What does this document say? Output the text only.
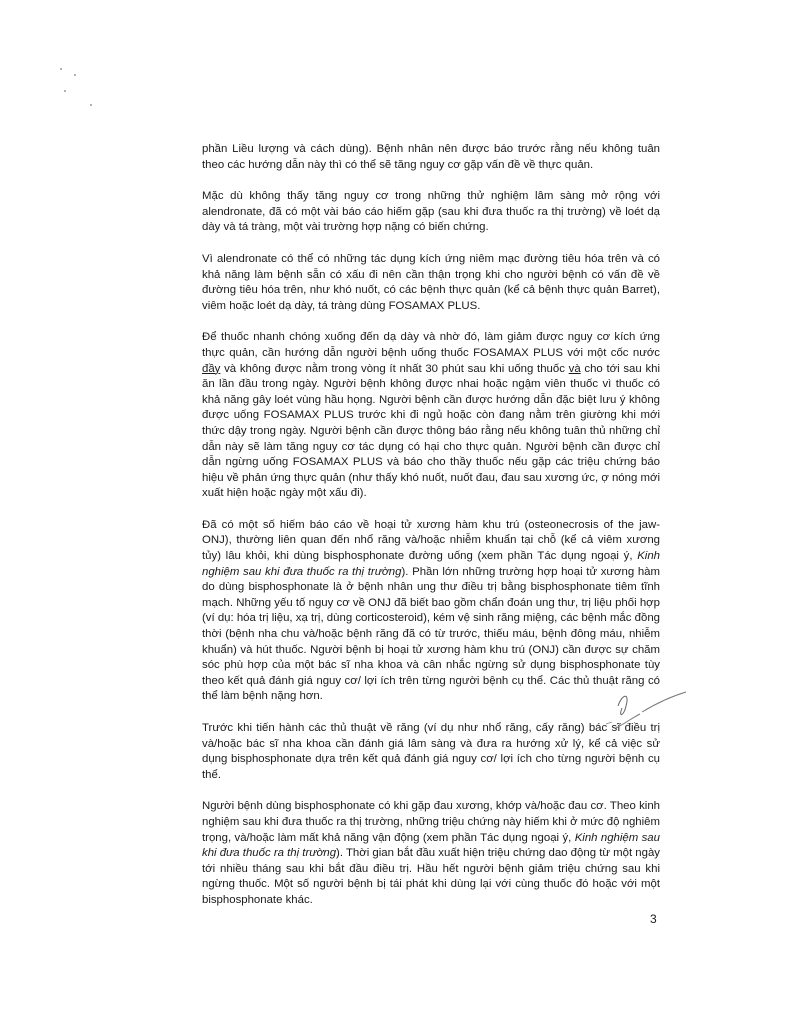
phần Liều lượng và cách dùng). Bệnh nhân nên được báo trước rằng nếu không tuân theo các hướng dẫn này thì có thể sẽ tăng nguy cơ gặp vấn đề về thực quản.

Mặc dù không thấy tăng nguy cơ trong những thử nghiệm lâm sàng mở rộng với alendronate, đã có một vài báo cáo hiếm gặp (sau khi đưa thuốc ra thị trường) về loét dạ dày và tá tràng, một vài trường hợp nặng có biến chứng.

Vì alendronate có thể có những tác dụng kích ứng niêm mạc đường tiêu hóa trên và có khả năng làm bệnh sẵn có xấu đi nên cần thận trọng khi cho người bệnh có vấn đề về đường tiêu hóa trên, như khó nuốt, có các bệnh thực quản (kể cả bệnh thực quản Barret), viêm hoặc loét dạ dày, tá tràng dùng FOSAMAX PLUS.

Để thuốc nhanh chóng xuống đến dạ dày và nhờ đó, làm giảm được nguy cơ kích ứng thực quản, cần hướng dẫn người bệnh uống thuốc FOSAMAX PLUS với một cốc nước đầy và không được nằm trong vòng ít nhất 30 phút sau khi uống thuốc và cho tới sau khi ăn lần đầu trong ngày. Người bệnh không được nhai hoặc ngậm viên thuốc vì thuốc có khả năng gây loét vùng hầu họng. Người bệnh cần được hướng dẫn đặc biệt lưu ý không được uống FOSAMAX PLUS trước khi đi ngủ hoặc còn đang nằm trên giường khi mới thức dậy trong ngày. Người bệnh cần được thông báo rằng nếu không tuân thủ những chỉ dẫn này sẽ làm tăng nguy cơ tác dụng có hại cho thực quản. Người bệnh cần được chỉ dẫn ngừng uống FOSAMAX PLUS và báo cho thầy thuốc nếu gặp các triệu chứng báo hiệu về phản ứng thực quản (như thấy khó nuốt, nuốt đau, đau sau xương ức, ợ nóng mới xuất hiện hoặc ngày một xấu đi).

Đã có một số hiếm báo cáo về hoại tử xương hàm khu trú (osteonecrosis of the jaw- ONJ), thường liên quan đến nhổ răng và/hoặc nhiễm khuẩn tại chỗ (kể cả viêm xương tủy) lâu khỏi, khi dùng bisphosphonate đường uống (xem phần Tác dụng ngoại ý, Kinh nghiệm sau khi đưa thuốc ra thị trường). Phần lớn những trường hợp hoại tử xương hàm do dùng bisphosphonate là ở bệnh nhân ung thư điều trị bằng bisphosphonate tiêm tĩnh mạch. Những yếu tố nguy cơ về ONJ đã biết bao gồm chẩn đoán ung thư, trị liệu phối hợp (ví dụ: hóa trị liệu, xạ trị, dùng corticosteroid), kém vệ sinh răng miệng, các bệnh mắc đồng thời (bệnh nha chu và/hoặc bệnh răng đã có từ trước, thiếu máu, bệnh đông máu, nhiễm khuẩn) và hút thuốc. Người bệnh bị hoại tử xương hàm khu trú (ONJ) cần được sự chăm sóc phù hợp của một bác sĩ nha khoa và cân nhắc ngừng sử dụng bisphosphonate tùy theo kết quả đánh giá nguy cơ/ lợi ích trên từng người bệnh cụ thể. Các thủ thuật răng có thể làm bệnh nặng hơn.

Trước khi tiến hành các thủ thuật về răng (ví dụ như nhổ răng, cấy răng) bác sĩ điều trị và/hoặc bác sĩ nha khoa cần đánh giá lâm sàng và đưa ra hướng xử lý, kể cả việc sử dụng bisphosphonate dựa trên kết quả đánh giá nguy cơ/ lợi ích cho từng người bệnh cụ thể.

Người bệnh dùng bisphosphonate có khi gặp đau xương, khớp và/hoặc đau cơ. Theo kinh nghiệm sau khi đưa thuốc ra thị trường, những triệu chứng này hiếm khi ở mức độ nghiêm trọng, và/hoặc làm mất khả năng vận động (xem phần Tác dụng ngoại ý, Kinh nghiệm sau khi đưa thuốc ra thị trường). Thời gian bắt đầu xuất hiện triệu chứng dao động từ một ngày tới nhiều tháng sau khi bắt đầu điều trị. Hầu hết người bệnh giảm triệu chứng sau khi ngừng thuốc. Một số người bệnh bị tái phát khi dùng lại với cùng thuốc đó hoặc với một bisphosphonate khác.

3
